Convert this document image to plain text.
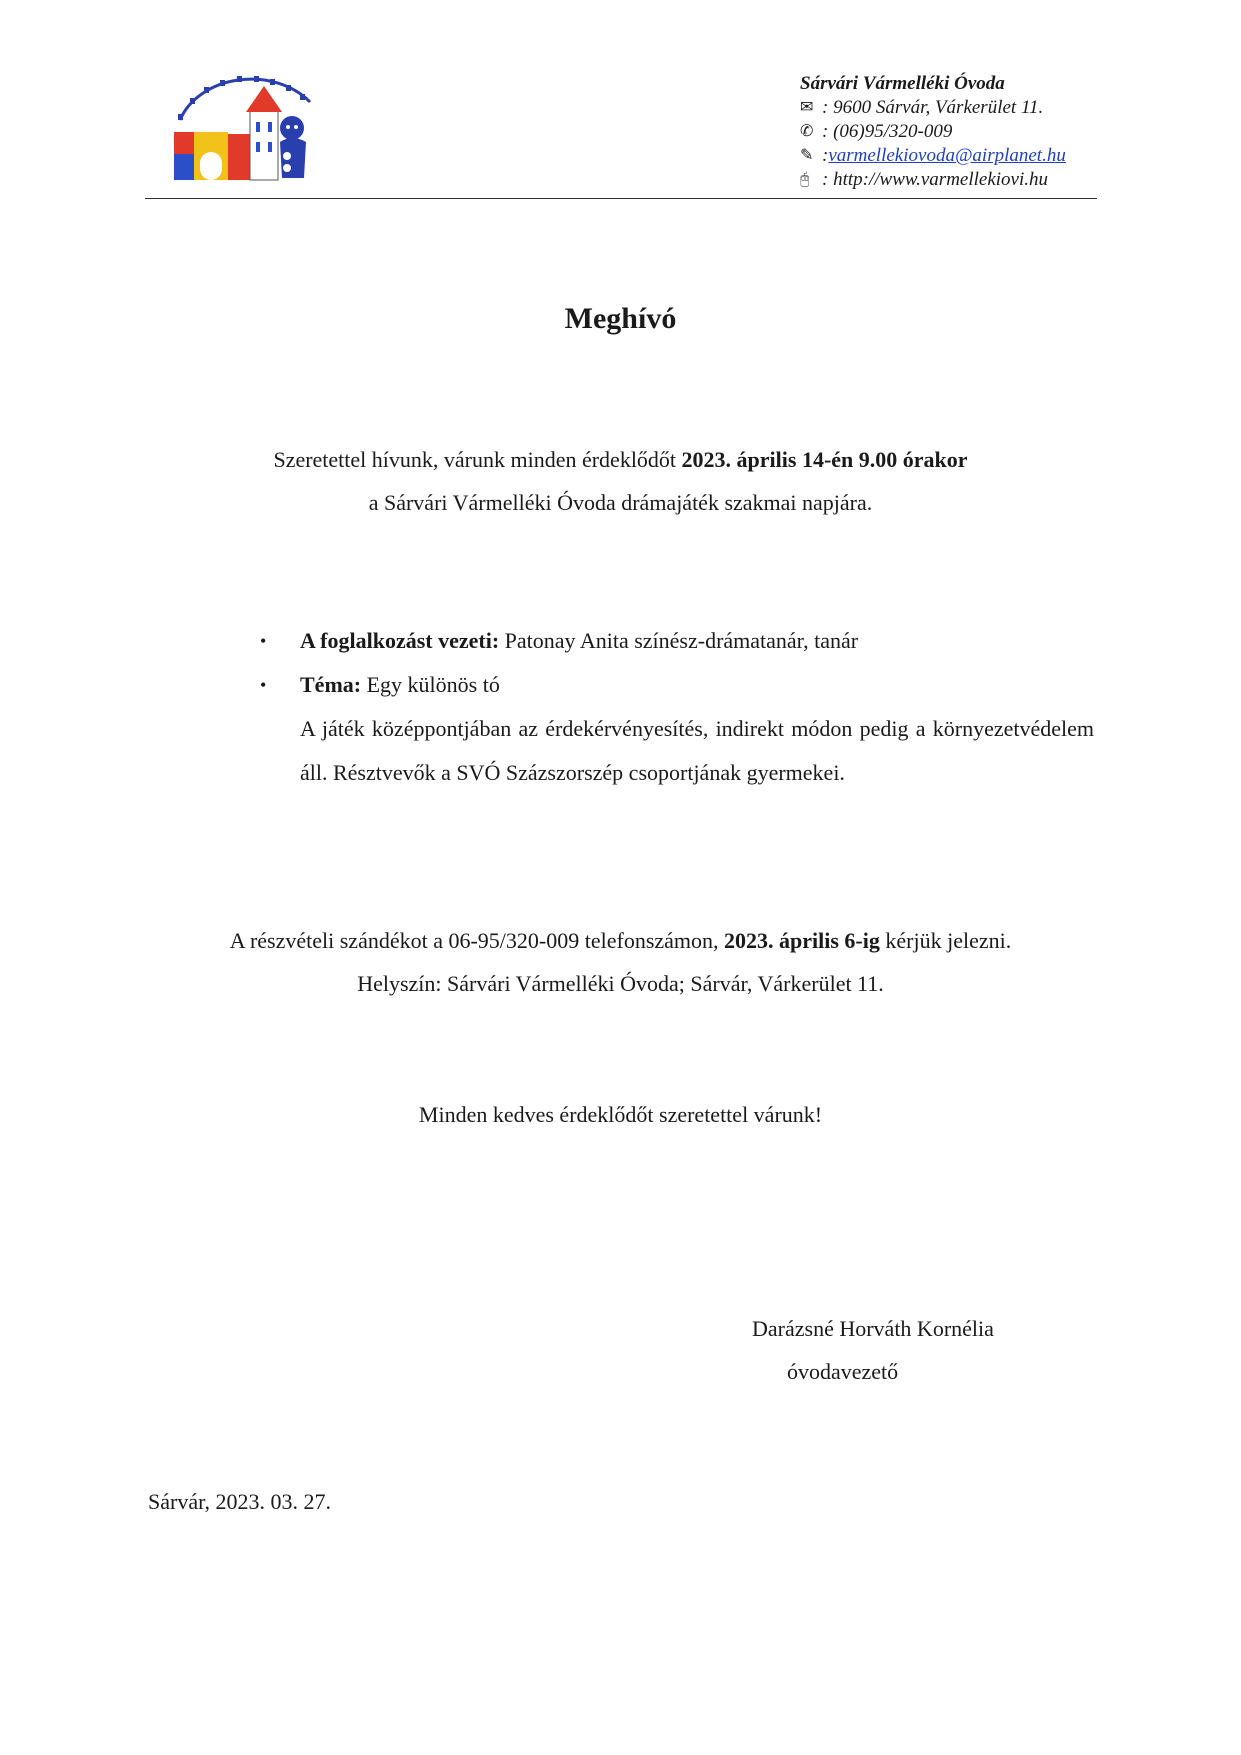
Sárvári Vármelléki Óvoda
✉ : 9600 Sárvár, Várkerület 11.
✆ : (06)95/320-009
✎ : varmellekiovoda@airplanet.hu
🖰 : http://www.varmellekiovi.hu
Meghívó
Szeretettel hívunk, várunk minden érdeklődőt 2023. április 14-én 9.00 órakor
a Sárvári Vármelléki Óvoda drámajáték szakmai napjára.
• A foglalkozást vezeti: Patonay Anita színész-drámatanár, tanár
• Téma: Egy különös tó
A játék középpontjában az érdekérvényesítés, indirekt módon pedig a környezetvédelem áll. Résztvevők a SVÓ Százszorszép csoportjának gyermekei.
A részvételi szándékot a 06-95/320-009 telefonszámon, 2023. április 6-ig kérjük jelezni.
Helyszín: Sárvári Vármelléki Óvoda; Sárvár, Várkerület 11.
Minden kedves érdeklődőt szeretettel várunk!
Darázsné Horváth Kornélia
óvodavezető
Sárvár, 2023. 03. 27.
